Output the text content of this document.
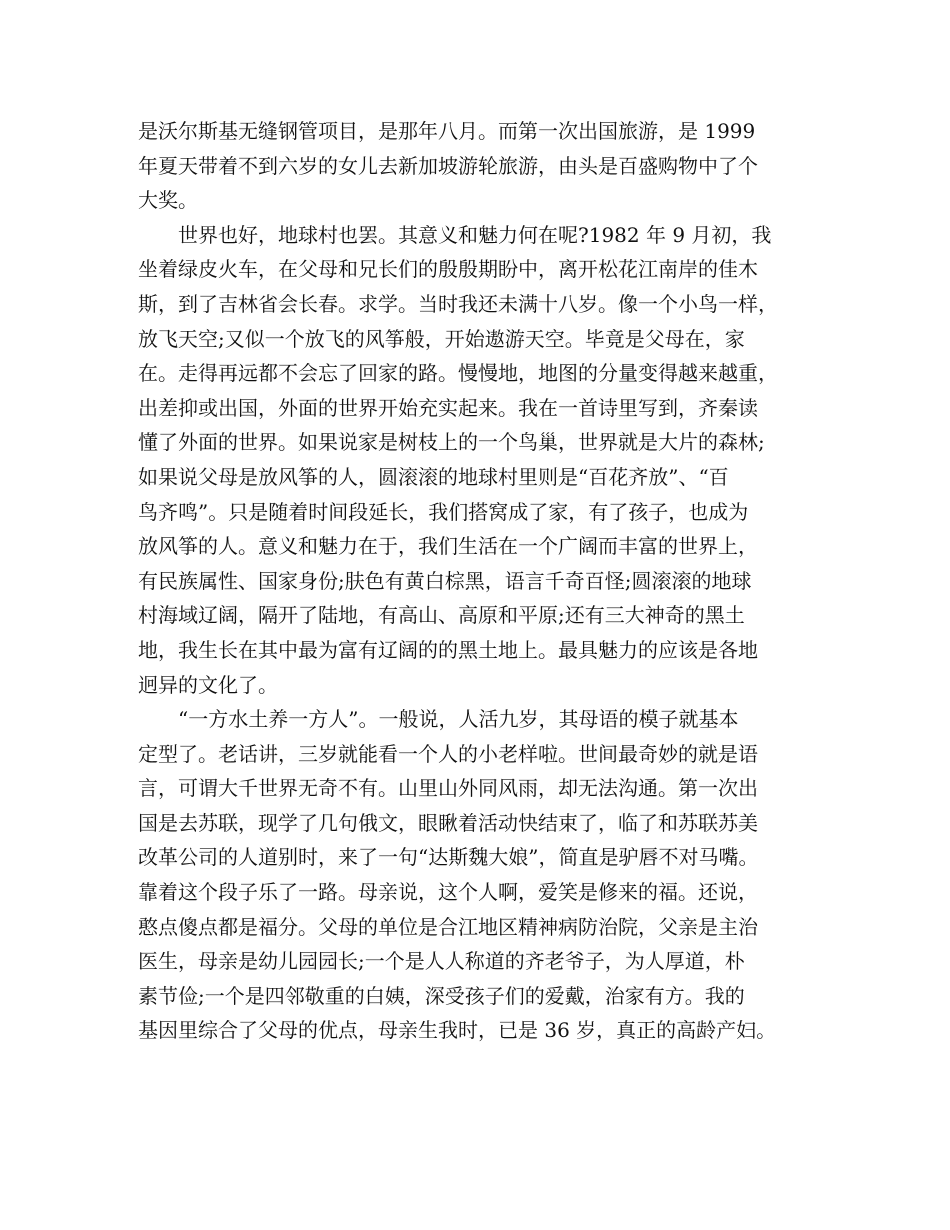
是沃尔斯基无缝钢管项目，是那年八月。而第一次出国旅游，是 1999
年夏天带着不到六岁的女儿去新加坡游轮旅游，由头是百盛购物中了个
大奖。
　　世界也好，地球村也罢。其意义和魅力何在呢?1982 年 9 月初，我
坐着绿皮火车，在父母和兄长们的殷殷期盼中，离开松花江南岸的佳木
斯，到了吉林省会长春。求学。当时我还未满十八岁。像一个小鸟一样，
放飞天空;又似一个放飞的风筝般，开始遨游天空。毕竟是父母在，家
在。走得再远都不会忘了回家的路。慢慢地，地图的分量变得越来越重，
出差抑或出国，外面的世界开始充实起来。我在一首诗里写到，齐秦读
懂了外面的世界。如果说家是树枝上的一个鸟巢，世界就是大片的森林;
如果说父母是放风筝的人，圆滚滚的地球村里则是“百花齐放”、“百
鸟齐鸣”。只是随着时间段延长，我们搭窝成了家，有了孩子，也成为
放风筝的人。意义和魅力在于，我们生活在一个广阔而丰富的世界上，
有民族属性、国家身份;肤色有黄白棕黑，语言千奇百怪;圆滚滚的地球
村海域辽阔，隔开了陆地，有高山、高原和平原;还有三大神奇的黑土
地，我生长在其中最为富有辽阔的的黑土地上。最具魅力的应该是各地
迥异的文化了。
　　“一方水土养一方人”。一般说，人活九岁，其母语的模子就基本
定型了。老话讲，三岁就能看一个人的小老样啦。世间最奇妙的就是语
言，可谓大千世界无奇不有。山里山外同风雨，却无法沟通。第一次出
国是去苏联，现学了几句俄文，眼瞅着活动快结束了，临了和苏联苏美
改革公司的人道别时，来了一句“达斯魏大娘”，简直是驴唇不对马嘴。
靠着这个段子乐了一路。母亲说，这个人啊，爱笑是修来的福。还说，
憨点傻点都是福分。父母的单位是合江地区精神病防治院，父亲是主治
医生，母亲是幼儿园园长;一个是人人称道的齐老爷子，为人厚道，朴
素节俭;一个是四邻敬重的白姨，深受孩子们的爱戴，治家有方。我的
基因里综合了父母的优点，母亲生我时，已是 36 岁，真正的高龄产妇。
